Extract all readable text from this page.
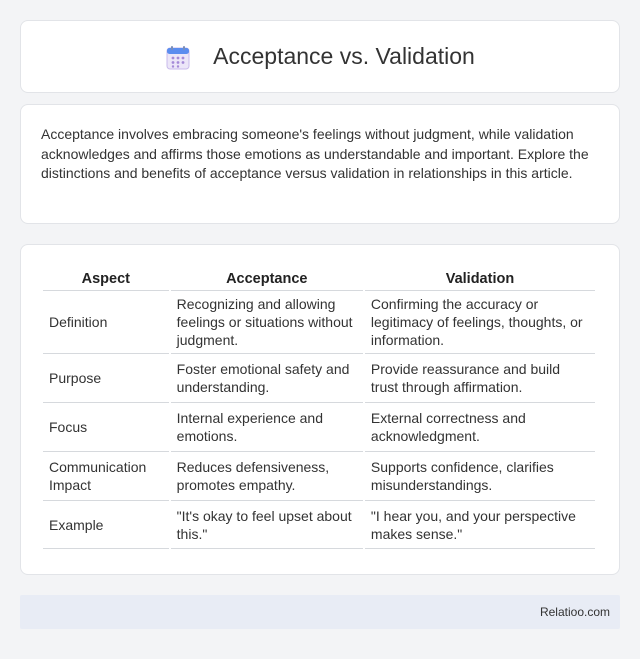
Acceptance vs. Validation

Acceptance involves embracing someone's feelings without judgment, while validation acknowledges and affirms those emotions as understandable and important. Explore the distinctions and benefits of acceptance versus validation in relationships in this article.

Aspect	Acceptance	Validation
Definition	Recognizing and allowing feelings or situations without judgment.	Confirming the accuracy or legitimacy of feelings, thoughts, or information.
Purpose	Foster emotional safety and understanding.	Provide reassurance and build trust through affirmation.
Focus	Internal experience and emotions.	External correctness and acknowledgment.
Communication Impact	Reduces defensiveness, promotes empathy.	Supports confidence, clarifies misunderstandings.
Example	"It's okay to feel upset about this."	"I hear you, and your perspective makes sense."
Relatioo.com
